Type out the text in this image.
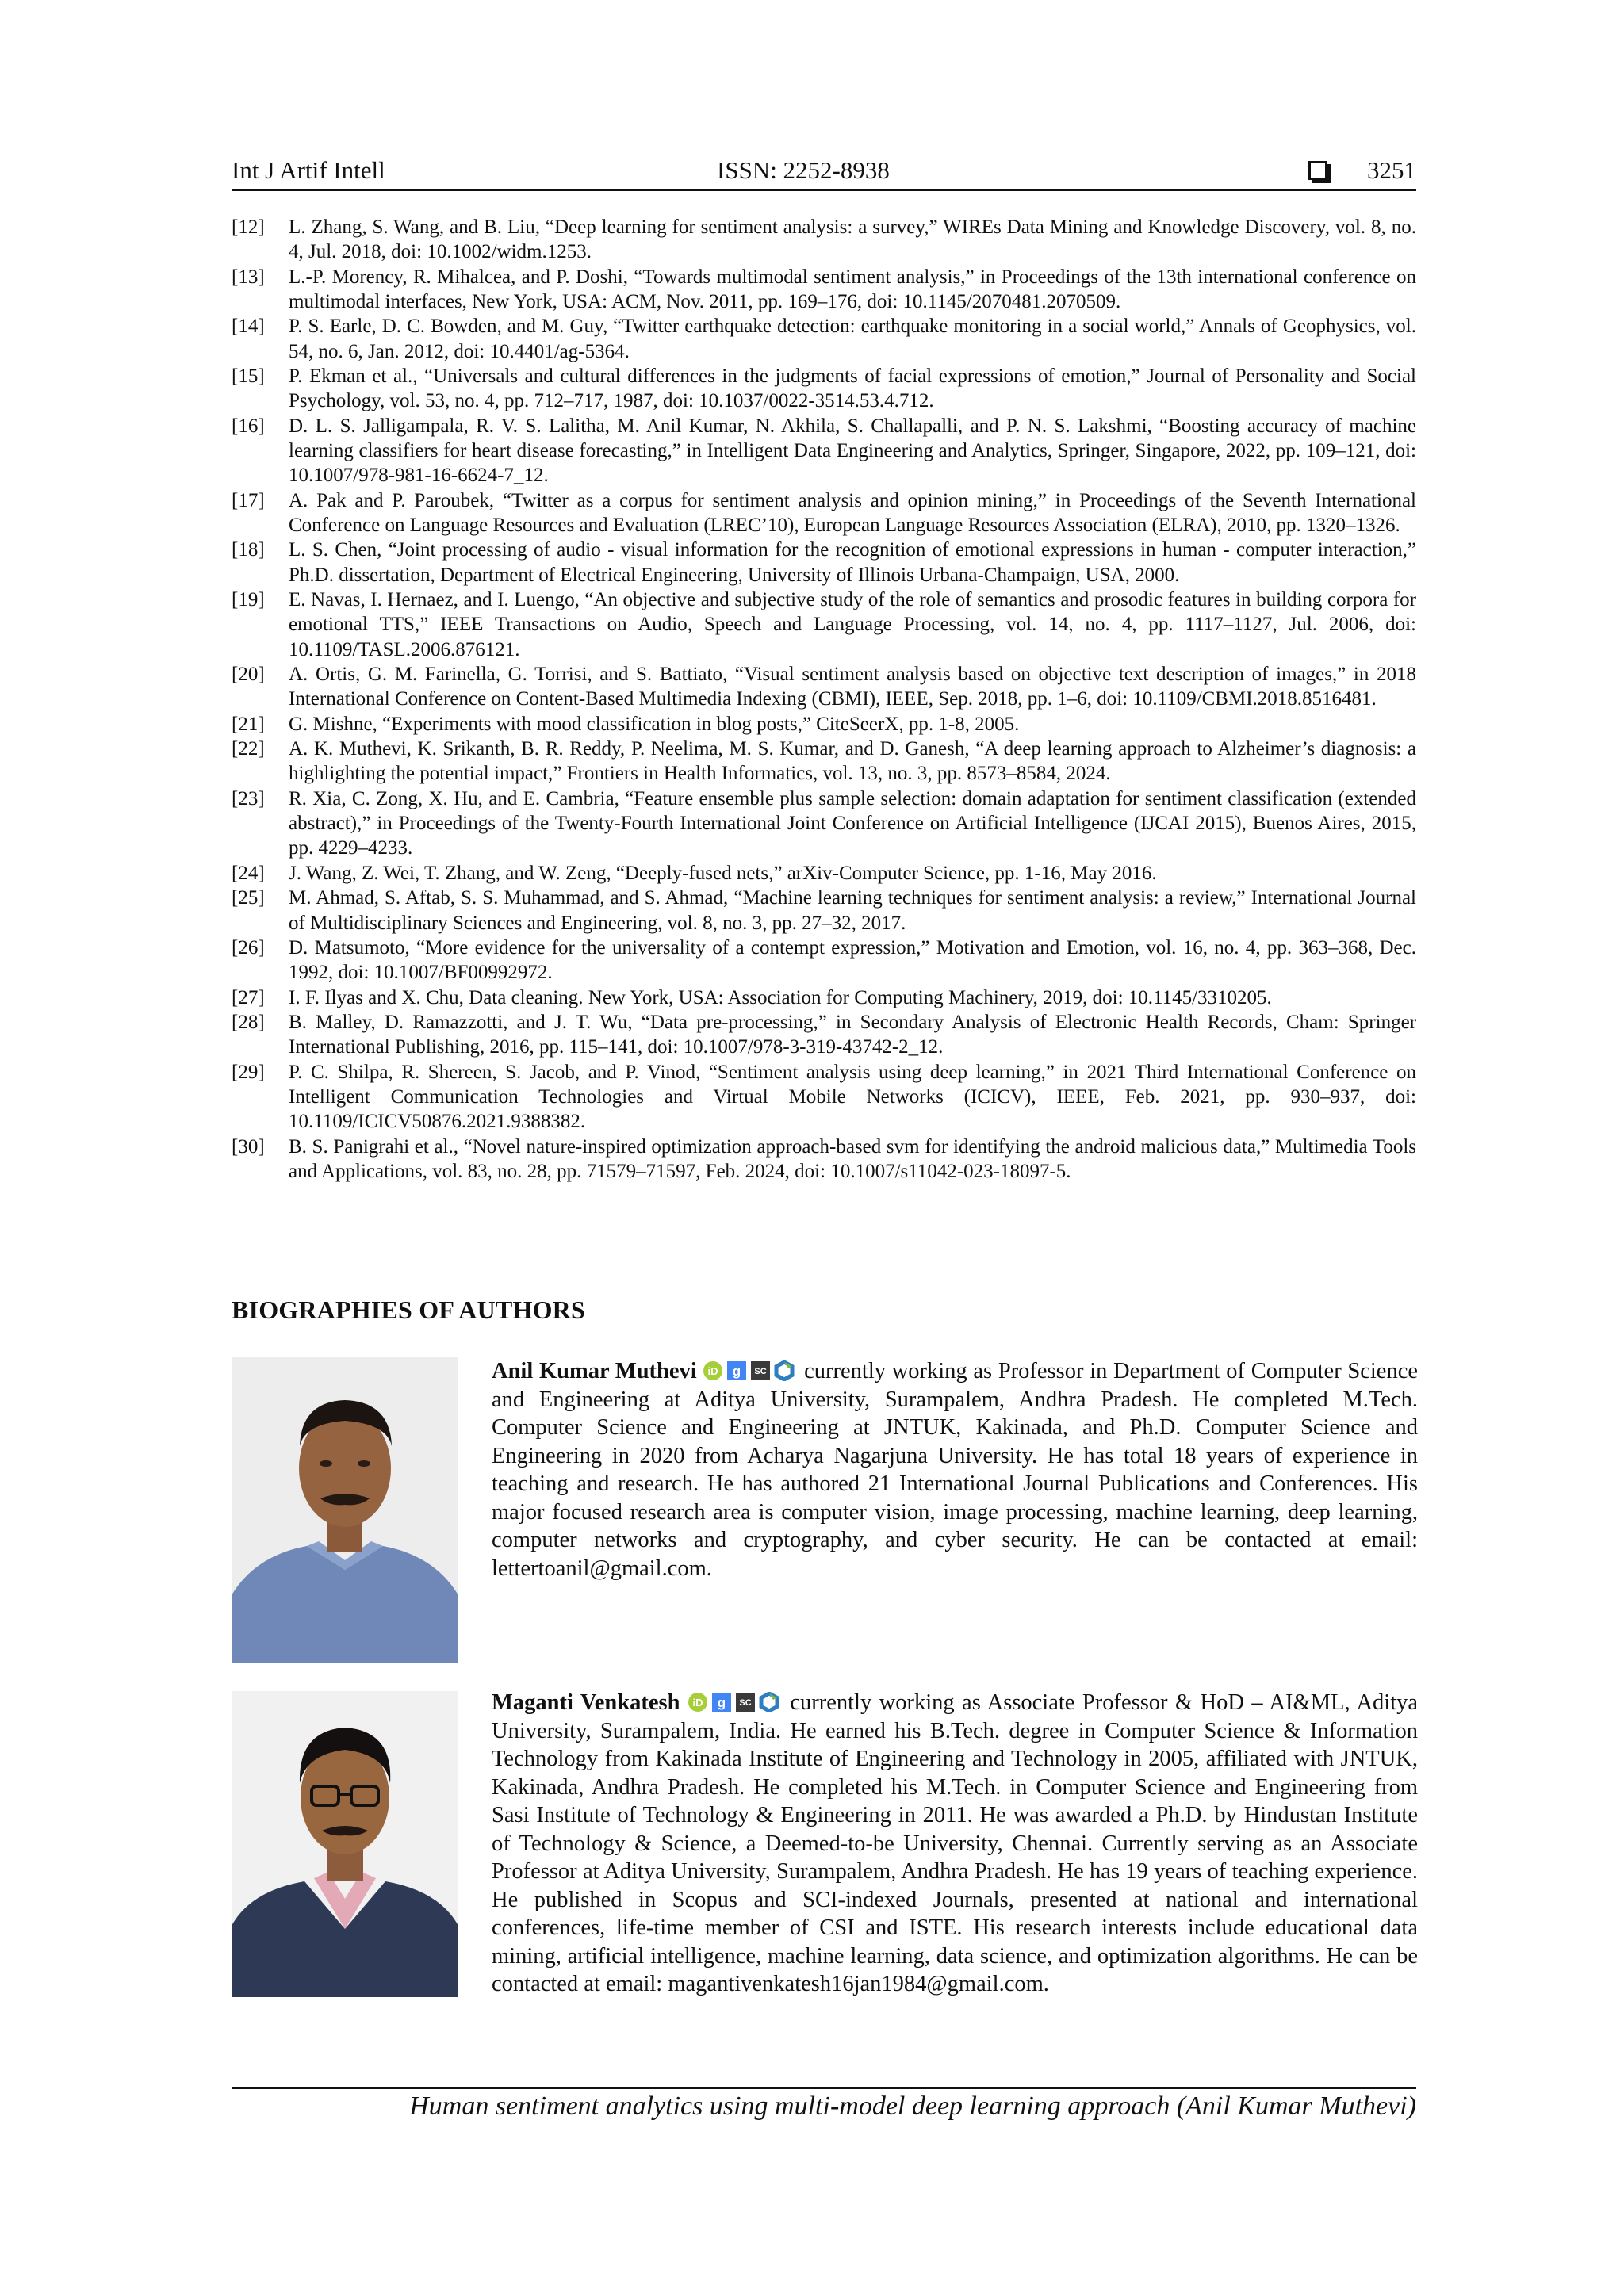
Int J Artif Intell	ISSN: 2252-8938	3251
[12] L. Zhang, S. Wang, and B. Liu, “Deep learning for sentiment analysis: a survey,” WIREs Data Mining and Knowledge Discovery, vol. 8, no. 4, Jul. 2018, doi: 10.1002/widm.1253.
[13] L.-P. Morency, R. Mihalcea, and P. Doshi, “Towards multimodal sentiment analysis,” in Proceedings of the 13th international conference on multimodal interfaces, New York, USA: ACM, Nov. 2011, pp. 169–176, doi: 10.1145/2070481.2070509.
[14] P. S. Earle, D. C. Bowden, and M. Guy, “Twitter earthquake detection: earthquake monitoring in a social world,” Annals of Geophysics, vol. 54, no. 6, Jan. 2012, doi: 10.4401/ag-5364.
[15] P. Ekman et al., “Universals and cultural differences in the judgments of facial expressions of emotion,” Journal of Personality and Social Psychology, vol. 53, no. 4, pp. 712–717, 1987, doi: 10.1037/0022-3514.53.4.712.
[16] D. L. S. Jalligampala, R. V. S. Lalitha, M. Anil Kumar, N. Akhila, S. Challapalli, and P. N. S. Lakshmi, “Boosting accuracy of machine learning classifiers for heart disease forecasting,” in Intelligent Data Engineering and Analytics, Springer, Singapore, 2022, pp. 109–121, doi: 10.1007/978-981-16-6624-7_12.
[17] A. Pak and P. Paroubek, “Twitter as a corpus for sentiment analysis and opinion mining,” in Proceedings of the Seventh International Conference on Language Resources and Evaluation (LREC’10), European Language Resources Association (ELRA), 2010, pp. 1320–1326.
[18] L. S. Chen, “Joint processing of audio - visual information for the recognition of emotional expressions in human - computer interaction,” Ph.D. dissertation, Department of Electrical Engineering, University of Illinois Urbana-Champaign, USA, 2000.
[19] E. Navas, I. Hernaez, and I. Luengo, “An objective and subjective study of the role of semantics and prosodic features in building corpora for emotional TTS,” IEEE Transactions on Audio, Speech and Language Processing, vol. 14, no. 4, pp. 1117–1127, Jul. 2006, doi: 10.1109/TASL.2006.876121.
[20] A. Ortis, G. M. Farinella, G. Torrisi, and S. Battiato, “Visual sentiment analysis based on objective text description of images,” in 2018 International Conference on Content-Based Multimedia Indexing (CBMI), IEEE, Sep. 2018, pp. 1–6, doi: 10.1109/CBMI.2018.8516481.
[21] G. Mishne, “Experiments with mood classification in blog posts,” CiteSeerX, pp. 1-8, 2005.
[22] A. K. Muthevi, K. Srikanth, B. R. Reddy, P. Neelima, M. S. Kumar, and D. Ganesh, “A deep learning approach to Alzheimer’s diagnosis: a highlighting the potential impact,” Frontiers in Health Informatics, vol. 13, no. 3, pp. 8573–8584, 2024.
[23] R. Xia, C. Zong, X. Hu, and E. Cambria, “Feature ensemble plus sample selection: domain adaptation for sentiment classification (extended abstract),” in Proceedings of the Twenty-Fourth International Joint Conference on Artificial Intelligence (IJCAI 2015), Buenos Aires, 2015, pp. 4229–4233.
[24] J. Wang, Z. Wei, T. Zhang, and W. Zeng, “Deeply-fused nets,” arXiv-Computer Science, pp. 1-16, May 2016.
[25] M. Ahmad, S. Aftab, S. S. Muhammad, and S. Ahmad, “Machine learning techniques for sentiment analysis: a review,” International Journal of Multidisciplinary Sciences and Engineering, vol. 8, no. 3, pp. 27–32, 2017.
[26] D. Matsumoto, “More evidence for the universality of a contempt expression,” Motivation and Emotion, vol. 16, no. 4, pp. 363–368, Dec. 1992, doi: 10.1007/BF00992972.
[27] I. F. Ilyas and X. Chu, Data cleaning. New York, USA: Association for Computing Machinery, 2019, doi: 10.1145/3310205.
[28] B. Malley, D. Ramazzotti, and J. T. Wu, “Data pre-processing,” in Secondary Analysis of Electronic Health Records, Cham: Springer International Publishing, 2016, pp. 115–141, doi: 10.1007/978-3-319-43742-2_12.
[29] P. C. Shilpa, R. Shereen, S. Jacob, and P. Vinod, “Sentiment analysis using deep learning,” in 2021 Third International Conference on Intelligent Communication Technologies and Virtual Mobile Networks (ICICV), IEEE, Feb. 2021, pp. 930–937, doi: 10.1109/ICICV50876.2021.9388382.
[30] B. S. Panigrahi et al., “Novel nature-inspired optimization approach-based svm for identifying the android malicious data,” Multimedia Tools and Applications, vol. 83, no. 28, pp. 71579–71597, Feb. 2024, doi: 10.1007/s11042-023-18097-5.
BIOGRAPHIES OF AUTHORS
Anil Kumar Muthevi iD g SC currently working as Professor in Department of Computer Science and Engineering at Aditya University, Surampalem, Andhra Pradesh. He completed M.Tech. Computer Science and Engineering at JNTUK, Kakinada, and Ph.D. Computer Science and Engineering in 2020 from Acharya Nagarjuna University. He has total 18 years of experience in teaching and research. He has authored 21 International Journal Publications and Conferences. His major focused research area is computer vision, image processing, machine learning, deep learning, computer networks and cryptography, and cyber security. He can be contacted at email: lettertoanil@gmail.com.
Maganti Venkatesh iD g SC currently working as Associate Professor & HoD – AI&ML, Aditya University, Surampalem, India. He earned his B.Tech. degree in Computer Science & Information Technology from Kakinada Institute of Engineering and Technology in 2005, affiliated with JNTUK, Kakinada, Andhra Pradesh. He completed his M.Tech. in Computer Science and Engineering from Sasi Institute of Technology & Engineering in 2011. He was awarded a Ph.D. by Hindustan Institute of Technology & Science, a Deemed-to-be University, Chennai. Currently serving as an Associate Professor at Aditya University, Surampalem, Andhra Pradesh. He has 19 years of teaching experience. He published in Scopus and SCI-indexed Journals, presented at national and international conferences, life-time member of CSI and ISTE. His research interests include educational data mining, artificial intelligence, machine learning, data science, and optimization algorithms. He can be contacted at email: magantivenkatesh16jan1984@gmail.com.
Human sentiment analytics using multi-model deep learning approach (Anil Kumar Muthevi)
